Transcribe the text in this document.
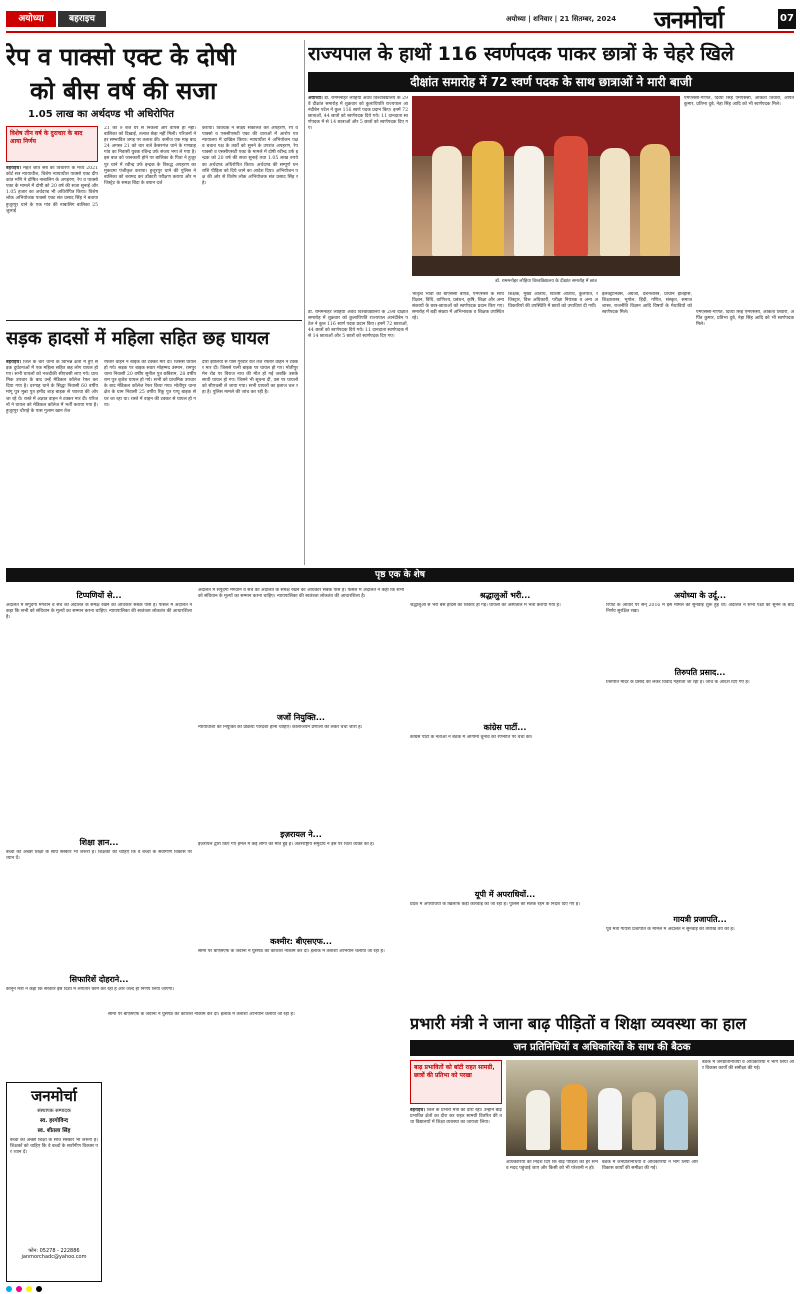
अयोध्या	बहराइच	अयोध्या | शनिवार | 21 सितम्बर, 2024	जनमोर्चा	07
रेप व पाक्सो एक्ट के दोषी
को बीस वर्ष की सजा
1.05 लाख का अर्थदण्ड भी अधिरोपित
विशेष तीन वर्ष के दुराचार के बाद आया निर्णय
बहराइच। महत जीत सब की विचारण के मध्य 2021 कोर्ट सत्र न्यायाधीश, विशेष न्यायाधीश पाक्सो एक्ट दीप कांत मणि ने दोषित नाबालिग के अपहरण, रेप व पाक्सो एक्ट के मामले में दोषी को 20 वर्ष की सजा सुनाई और 1.05 हजार का अर्थदण्ड भी अधिरोपित किया। विशेष लोक अभियोजक पाक्सो एक्ट संत प्रसाद सिंह ने बताया हुजूरपुर थाने के एक गांव की नाबालिग बालिका 25 जुलाई
21 को 9 बजे घर से निकली और वापस ही नहीं। बालिका को दिखाई, तलाश छेड़ा नहीं मिली। परिजनों ने हर सम्भावित जगह पर तलाश की। कमीज एक माह बाद 24 अगस्त 21 को चार बजे कैसरगंज थाने के गणडाह गांव का निवासी युवक रविन्द्र उर्फ संजय भगा ले गया है। इस बात को जानकारी होने पर बालिका के पिता ने हुजूरपुर थाने में रवीन्द्र उर्फ इन्द्रक के विरुद्ध अपहरण का मुकदमा पंजीकृत कराया। हुजूरपुर थाने की पुलिस ने बालिका को बरामद कर डॉक्टरी परीक्षण कराया और मजिस्ट्रेट के समक्ष बिंदा के बयान दर्ज
कराया। विवेचक ने साक्ष्य संकलित कर अपहरण, रेप व पाक्सो व एससीएसटी एक्ट की धाराओं में आरोप पत्र न्यायालय में दाखिल किया। न्यायाधीश ने अभियोजन पक्ष व बचाव पक्ष के तर्कों को सुनने के उपरांत अपहरण, रेप पाक्सो व एससीएसटी एक्ट के मामले में दोषी रवीन्द्र उर्फ इन्द्रक को 20 वर्ष की सजा सुनाई तथा 1.05 लाख रुपये का अर्थदण्ड अधिरोपित किया। अर्थदण्ड की सम्पूर्ण धनराशि पीड़िता को दिये जाने का आदेश दिया। अभियोजन पक्ष की ओर से विशेष लोक अभियोजक संत प्रसाद सिंह रहे।
सड़क हादसों में महिला सहित छह घायल
बहराइच। जिले के चार थानों के विभिन्न क्षेत्रों में हुए सड़क दुर्घटनाओं में एक महिला सहित छह लोग घायल हो गए। सभी घायलों को नजदीकी सीएचसी लाए गये। प्राथमिक उपचार के बाद उन्हें मेडिकल कॉलेज रेफर कर दिया गया है। दरगाह थाने के सिद्धा निवासी 60 वर्षीय मांगू पुत्र मुन्ना पुत्र हमीद शाह बाइक से पवरथा की ओर जा रहे थे। रास्ते में अज्ञात वाहन ने टक्कर मार दी। परिजनों ने घायल को मेडिकल कॉलेज में भर्ती कराया गया है। हुजूरपुर चौराहे के पास गुलाम खान तेज
रफ्तार वाहन ने बाइक को टक्कर मार दी। जिससे घायल हो गये। सड़क पर बाइक सवार मोहम्मद उस्मान, रामपुर थाना निवासी 20 वर्षीय सुनील पुत्र छबिराम, 28 वर्षीय राम पुत्र बृजेश घायल हो गये। सभी को प्राथमिक उपचार के बाद मेडिकल कॉलेज रेफर किया गया। मोतीपुर थाना क्षेत्र के ग्राम निवासी 25 वर्षीय रिंकू पुत्र पप्पू बाइक से घर जा रहा था। रास्ते में वाहन की टक्कर से घायल हो गया।
दौरी झालिया से पास गुरवार रात तेज रफ्तार वाहन ने टक्कर मार दी। जिससे पत्नी बाइक पर घायल हो गए। मोतीपुर मेन रोड पर विराज नाथ की मौत हो गई जबकि उसके साथी घायल हो गए। जिसने भी सूचना दी, उस पर घायलों को सीएचसी ले जाया गया। सभी घायलों का इलाज चल रहा है। पुलिस मामले की जांच कर रही है।
राज्यपाल के हाथों 116 स्वर्णपदक पाकर छात्रों के चेहरे खिले
दीक्षांत समारोह में 72 स्वर्ण पदक के साथ छात्राओं ने मारी बाजी
अयोध्या। डॉ. राममनोहर लोहिया अवध विश्वविद्यालय के 29वें दीक्षांत समारोह में शुक्रवार को कुलाधिपति राज्यपाल आनंदीबेन पटेल ने कुल 116 स्वर्ण पदक प्रदान किए। इनमें 72 छात्राओं, 44 छात्रों को स्वर्णपदक दिये गये। 11 दानदाता स्वर्णपदक में से 14 छात्राओं और 5 छात्रों को स्वर्णपदक दिए गए।
डॉ. राममनोहर लोहिया विश्वविद्यालय के दीक्षांत समारोह में छात्र
एमएससी-गणित, दिव्या सिंह एमएससी, अंकिता तिवारी, अर्पित कुमार, प्रतिभा दुबे, नेहा सिंह आदि को भी स्वर्णपदक मिले।
भातृत्व भावों की बीएससी बीएड, एमएससी के साथ विज्ञान, विधि, वाणिज्य, प्रबंधन, कृषि, शिक्षा और अन्य संकायों के छात्र-छात्राओं को स्वर्णपदक प्रदान किए गए। समारोह में बड़ी संख्या में अभिभावक व शिक्षक उपस्थित रहे।
शिक्षक, मुख्य अतिथि, विशिष्ट अतिथि, कुलपति, रजिस्ट्रार, वित्त अधिकारी, परीक्षा नियंत्रक व अन्य अधिकारियों की उपस्थिति में छात्रों को उपाधियां दी गयीं।
इलेक्ट्रॉनिक्स, अंग्रेजी, दर्शनशास्त्र, प्राचीन इतिहास, शिक्षाशास्त्र, भूगोल, हिंदी, गणित, संस्कृत, समाजशास्त्र, राजनीति विज्ञान आदि विषयों के मेधावियों को स्वर्णपदक मिले।	एमएससी-गणित, दिव्या सिंह एमएससी, अंकिता तिवारी, अर्पित कुमार, प्रतिभा दुबे, नेहा सिंह आदि को भी स्वर्णपदक मिले।
डॉ. राममनोहर लोहिया अवध विश्वविद्यालय के 29वें दीक्षांत समारोह में शुक्रवार को कुलाधिपति राज्यपाल आनंदीबेन पटेल ने कुल 116 स्वर्ण पदक प्रदान किए। इनमें 72 छात्राओं, 44 छात्रों को स्वर्णपदक दिये गये। 11 दानदाता स्वर्णपदक में से 14 छात्राओं और 5 छात्रों को स्वर्णपदक दिए गए।
पृष्ठ एक के शेष
टिप्पणियों से...
अदालत में सपुर्दगी मंगवाने व सच को अदालत के समक्ष रखने का अधिकार सबके पास है। फैसले में अदालत ने कहा कि सभी को संविधान के मूल्यों का सम्मान करना चाहिए। न्यायपालिका की स्वतंत्रता लोकतंत्र की आधारशिला है।
शिक्षा ज्ञान...
बच्चों को अच्छी शिक्षा के साथ संस्कार भी जरूरी हैं। शिक्षकों को चाहिए कि वे बच्चों के सर्वांगीण विकास पर ध्यान दें।
सिफारिशें दोहराने...
कानून मंत्री ने कहा कि सरकार इस दिशा में लगातार काम कर रही है और जल्द ही निर्णय लिया जाएगा।
अदालत में सपुर्दगी मंगवाने व सच को अदालत के समक्ष रखने का अधिकार सबके पास है। फैसले में अदालत ने कहा कि सभी को संविधान के मूल्यों का सम्मान करना चाहिए। न्यायपालिका की स्वतंत्रता लोकतंत्र की आधारशिला है।
जजों नियुक्ति...
न्यायाधीशों की नियुक्ति की प्रक्रिया पारदर्शी होनी चाहिए। कोलेजियम प्रणाली को लेकर चर्चा जारी है।
इज़रायल ने...
इज़रायल द्वारा किए गए हमले में कई लोगों की मौत हुई है। अंतरराष्ट्रीय समुदाय ने इस पर चिंता व्यक्त की है।
कश्मीर: बीएसएफ...
सीमा पर बीएसएफ के जवानों ने घुसपैठ की कोशिश नाकाम कर दी। इलाके में तलाशी अभियान चलाया जा रहा है।
श्रद्धालुओं भरी...
श्रद्धालुओं से भरी बस हादसे का शिकार हो गई। घायलों को अस्पताल में भर्ती कराया गया है।
कांग्रेस पार्टी...
कांग्रेस पार्टी के नेताओं ने बैठक में आगामी चुनाव की रणनीति पर चर्चा की।
यूपी में अपराधियों...
प्रदेश में अपराधियों के खिलाफ कड़ी कार्रवाई की जा रही है। पुलिस को सतर्क रहने के निर्देश दिए गए हैं।
अयोध्या के उर्दू...
रिपोर्ट के आधार पर सन् 2016 में इस मामले की सुनवाई शुरू हुई थी। अदालत ने सभी पक्षों को सुनने के बाद निर्णय सुरक्षित रखा।
तिरुपति प्रसाद...
तिरुपति मंदिर के प्रसाद को लेकर विवाद गहराता जा रहा है। जांच के आदेश दिए गए हैं।
गायत्री प्रजापति...
पूर्व मंत्री गायत्री प्रजापति के मामले में अदालत ने सुनवाई की तारीख तय की है।
जनमोर्चा
संस्थापक सम्पादक
स्व. हरगोविन्द
स्व. शीतला सिंह
बच्चों को अच्छी शिक्षा के साथ संस्कार भी जरूरी हैं। शिक्षकों को चाहिए कि वे बच्चों के सर्वांगीण विकास पर ध्यान दें।
फोन: 05278 - 222886
janmorchadc@yahoo.com
सीमा पर बीएसएफ के जवानों ने घुसपैठ की कोशिश नाकाम कर दी। इलाके में तलाशी अभियान चलाया जा रहा है।	प्रभारी मंत्री ने जाना बाढ़ पीड़ितों व शिक्षा व्यवस्था का हाल
जन प्रतिनिधियों व अधिकारियों के साथ की बैठक
बाढ़ प्रभावितों को बांटी राहत सामग्री, छात्रों की प्रतिभा को परखा
बहराइच। जिले के प्रभारी मंत्री का दौरा रहा। उन्होंने बाढ़ प्रभावित क्षेत्रों का दौरा कर राहत सामग्री वितरित की तथा विद्यालयों में शिक्षा व्यवस्था का जायजा लिया।
अधिकारियों को निर्देश दिए कि बाढ़ पीड़ितों को हर संभव मदद पहुंचाई जाए और किसी को भी परेशानी न हो।
बैठक में जनप्रतिनिधियों व अधिकारियों ने भाग लिया और विकास कार्यों की समीक्षा की गई।
बैठक में जनप्रतिनिधियों व अधिकारियों ने भाग लिया और विकास कार्यों की समीक्षा की गई।
